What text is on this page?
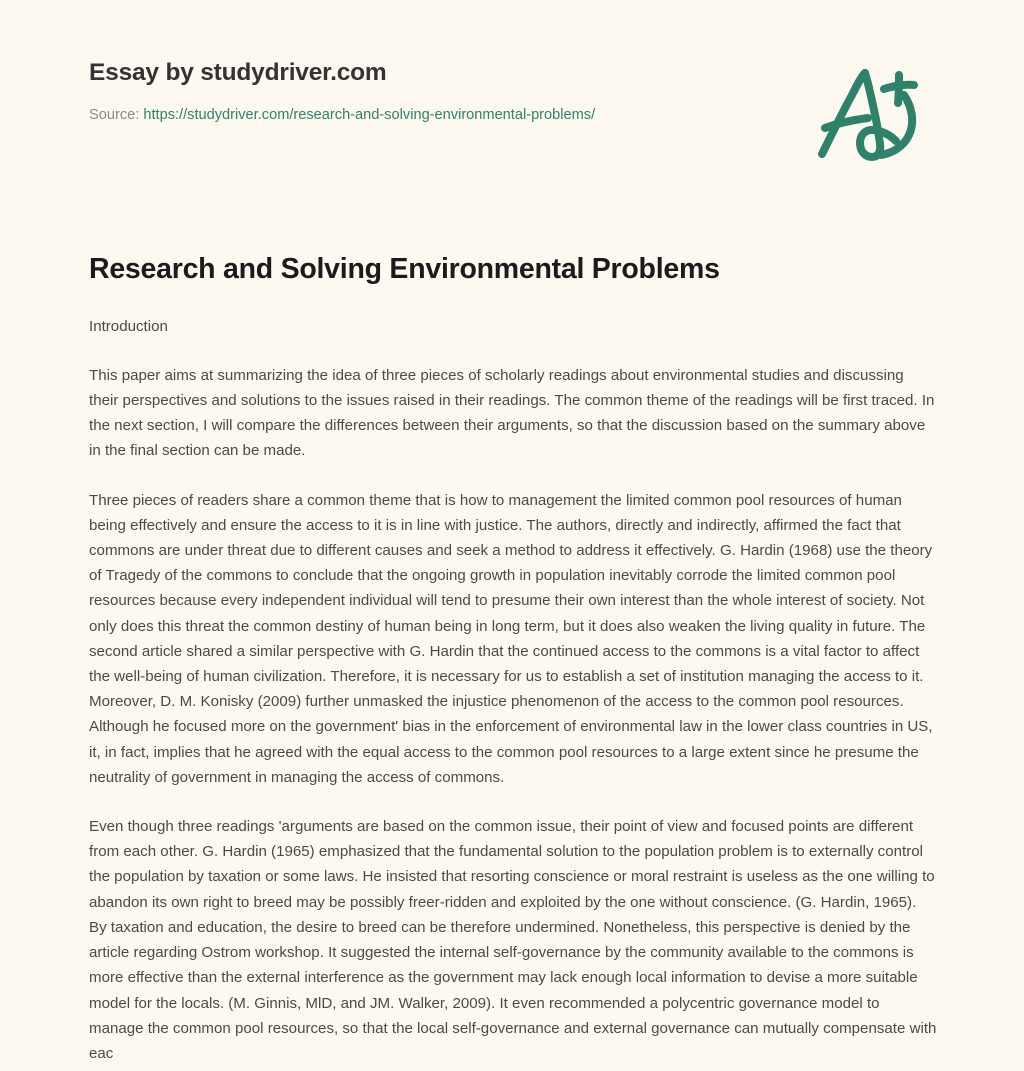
Essay by studydriver.com
Source: https://studydriver.com/research-and-solving-environmental-problems/
Research and Solving Environmental Problems

Introduction

This paper aims at summarizing the idea of three pieces of scholarly readings about environmental studies and discussing their perspectives and solutions to the issues raised in their readings. The common theme of the readings will be first traced. In the next section, I will compare the differences between their arguments, so that the discussion based on the summary above in the final section can be made.

Three pieces of readers share a common theme that is how to management the limited common pool resources of human being effectively and ensure the access to it is in line with justice. The authors, directly and indirectly, affirmed the fact that commons are under threat due to different causes and seek a method to address it effectively. G. Hardin (1968) use the theory of Tragedy of the commons to conclude that the ongoing growth in population inevitably corrode the limited common pool resources because every independent individual will tend to presume their own interest than the whole interest of society. Not only does this threat the common destiny of human being in long term, but it does also weaken the living quality in future. The second article shared a similar perspective with G. Hardin that the continued access to the commons is a vital factor to affect the well-being of human civilization. Therefore, it is necessary for us to establish a set of institution managing the access to it. Moreover, D. M. Konisky (2009) further unmasked the injustice phenomenon of the access to the common pool resources. Although he focused more on the government' bias in the enforcement of environmental law in the lower class countries in US, it, in fact, implies that he agreed with the equal access to the common pool resources to a large extent since he presume the neutrality of government in managing the access of commons.

Even though three readings 'arguments are based on the common issue, their point of view and focused points are different from each other. G. Hardin (1965) emphasized that the fundamental solution to the population problem is to externally control the population by taxation or some laws. He insisted that resorting conscience or moral restraint is useless as the one willing to abandon its own right to breed may be possibly freer-ridden and exploited by the one without conscience. (G. Hardin, 1965). By taxation and education, the desire to breed can be therefore undermined. Nonetheless, this perspective is denied by the article regarding Ostrom workshop. It suggested the internal self-governance by the community available to the commons is more effective than the external interference as the government may lack enough local information to devise a more suitable model for the locals. (M. Ginnis, MlD, and JM. Walker, 2009). It even recommended a polycentric governance model to manage the common pool resources, so that the local self-governance and external governance can mutually compensate with eac
